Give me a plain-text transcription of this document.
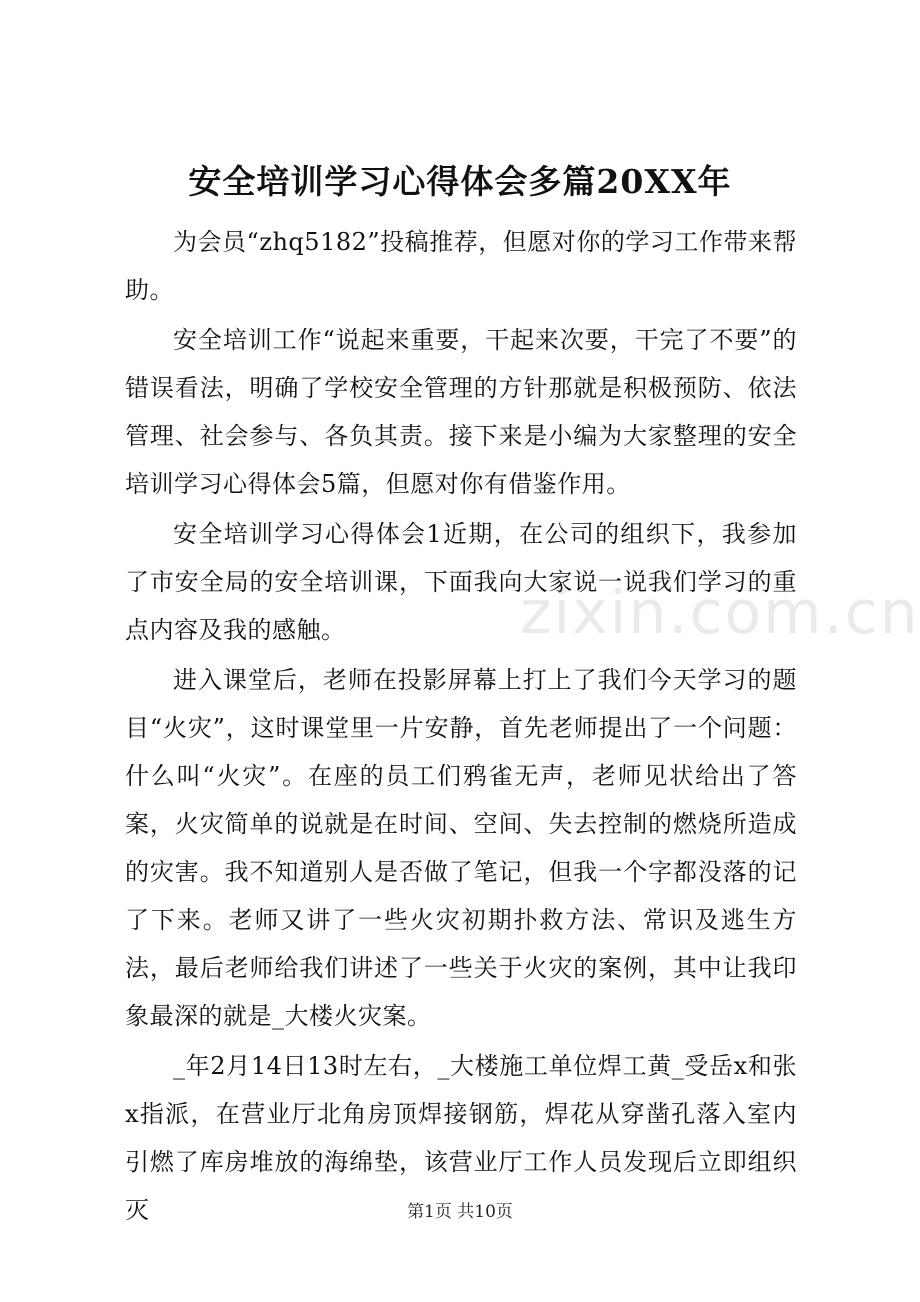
安全培训学习心得体会多篇20XX年

为会员“zhq5182”投稿推荐，但愿对你的学习工作带来帮助。

安全培训工作“说起来重要，干起来次要，干完了不要”的错误看法，明确了学校安全管理的方针那就是积极预防、依法管理、社会参与、各负其责。接下来是小编为大家整理的安全培训学习心得体会5篇，但愿对你有借鉴作用。

安全培训学习心得体会1近期，在公司的组织下，我参加了市安全局的安全培训课，下面我向大家说一说我们学习的重点内容及我的感触。

进入课堂后，老师在投影屏幕上打上了我们今天学习的题目“火灾”，这时课堂里一片安静，首先老师提出了一个问题：什么叫“火灾”。在座的员工们鸦雀无声，老师见状给出了答案，火灾简单的说就是在时间、空间、失去控制的燃烧所造成的灾害。我不知道别人是否做了笔记，但我一个字都没落的记了下来。老师又讲了一些火灾初期扑救方法、常识及逃生方法，最后老师给我们讲述了一些关于火灾的案例，其中让我印象最深的就是_大楼火灾案。

_年2月14日13时左右，_大楼施工单位焊工黄_受岳x和张x指派，在营业厅北角房顶焊接钢筋，焊花从穿凿孔落入室内引燃了库房堆放的海绵垫，该营业厅工作人员发现后立即组织灭

zixin.com.cn
第1页 共10页
